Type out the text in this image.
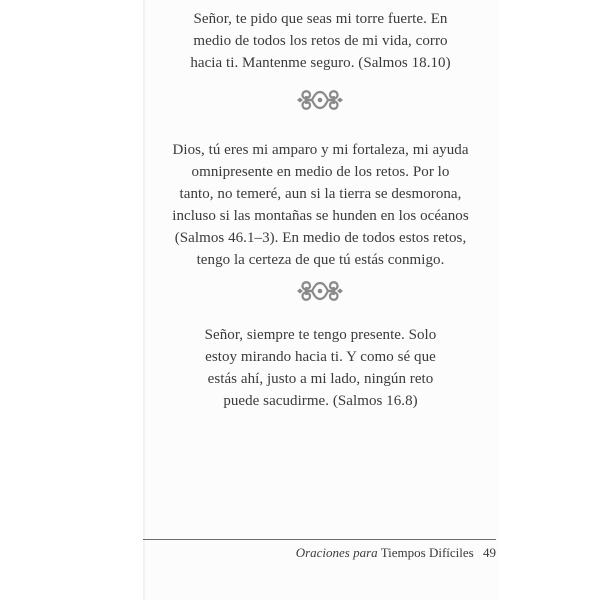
Señor, te pido que seas mi torre fuerte. En
medio de todos los retos de mi vida, corro
hacia ti. Mantenme seguro. (Salmos 18.10)
Dios, tú eres mi amparo y mi fortaleza, mi ayuda
omnipresente en medio de los retos. Por lo
tanto, no temeré, aun si la tierra se desmorona,
incluso si las montañas se hunden en los océanos
(Salmos 46.1–3). En medio de todos estos retos,
tengo la certeza de que tú estás conmigo.
Señor, siempre te tengo presente. Solo
estoy mirando hacia ti. Y como sé que
estás ahí, justo a mi lado, ningún reto
puede sacudirme. (Salmos 16.8)
Oraciones para Tiempos Difíciles 49
